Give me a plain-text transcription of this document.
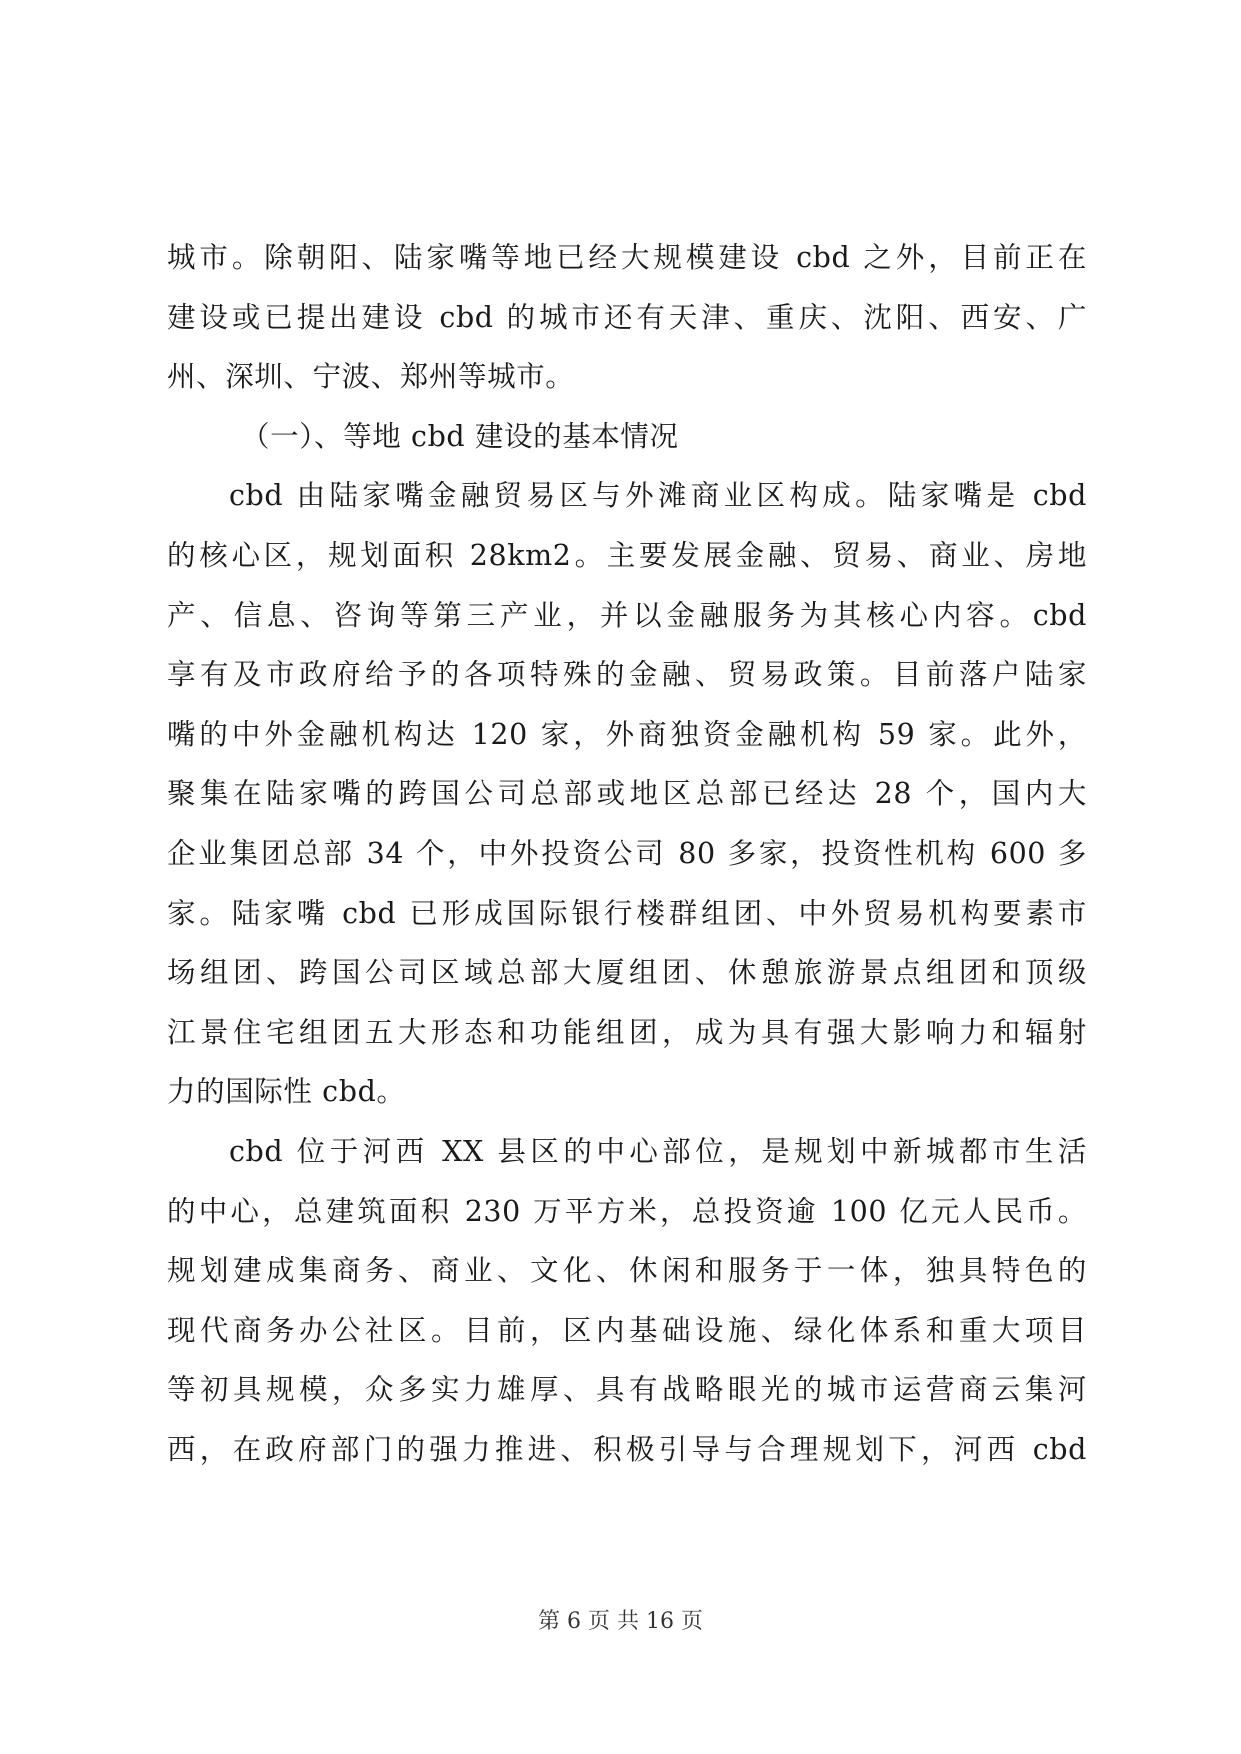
城市。除朝阳、陆家嘴等地已经大规模建设 cbd 之外，目前正在
建设或已提出建设 cbd 的城市还有天津、重庆、沈阳、西安、广
州、深圳、宁波、郑州等城市。
（一）、等地 cbd 建设的基本情况
cbd 由陆家嘴金融贸易区与外滩商业区构成。陆家嘴是 cbd
的核心区，规划面积 28km2。主要发展金融、贸易、商业、房地
产、信息、咨询等第三产业，并以金融服务为其核心内容。cbd
享有及市政府给予的各项特殊的金融、贸易政策。目前落户陆家
嘴的中外金融机构达 120 家，外商独资金融机构 59 家。此外，
聚集在陆家嘴的跨国公司总部或地区总部已经达 28 个，国内大
企业集团总部 34 个，中外投资公司 80 多家，投资性机构 600 多
家。陆家嘴 cbd 已形成国际银行楼群组团、中外贸易机构要素市
场组团、跨国公司区域总部大厦组团、休憩旅游景点组团和顶级
江景住宅组团五大形态和功能组团，成为具有强大影响力和辐射
力的国际性 cbd。
cbd 位于河西 XX 县区的中心部位，是规划中新城都市生活
的中心，总建筑面积 230 万平方米，总投资逾 100 亿元人民币。
规划建成集商务、商业、文化、休闲和服务于一体，独具特色的
现代商务办公社区。目前，区内基础设施、绿化体系和重大项目
等初具规模，众多实力雄厚、具有战略眼光的城市运营商云集河
西，在政府部门的强力推进、积极引导与合理规划下，河西 cbd
第 6 页 共 16 页
